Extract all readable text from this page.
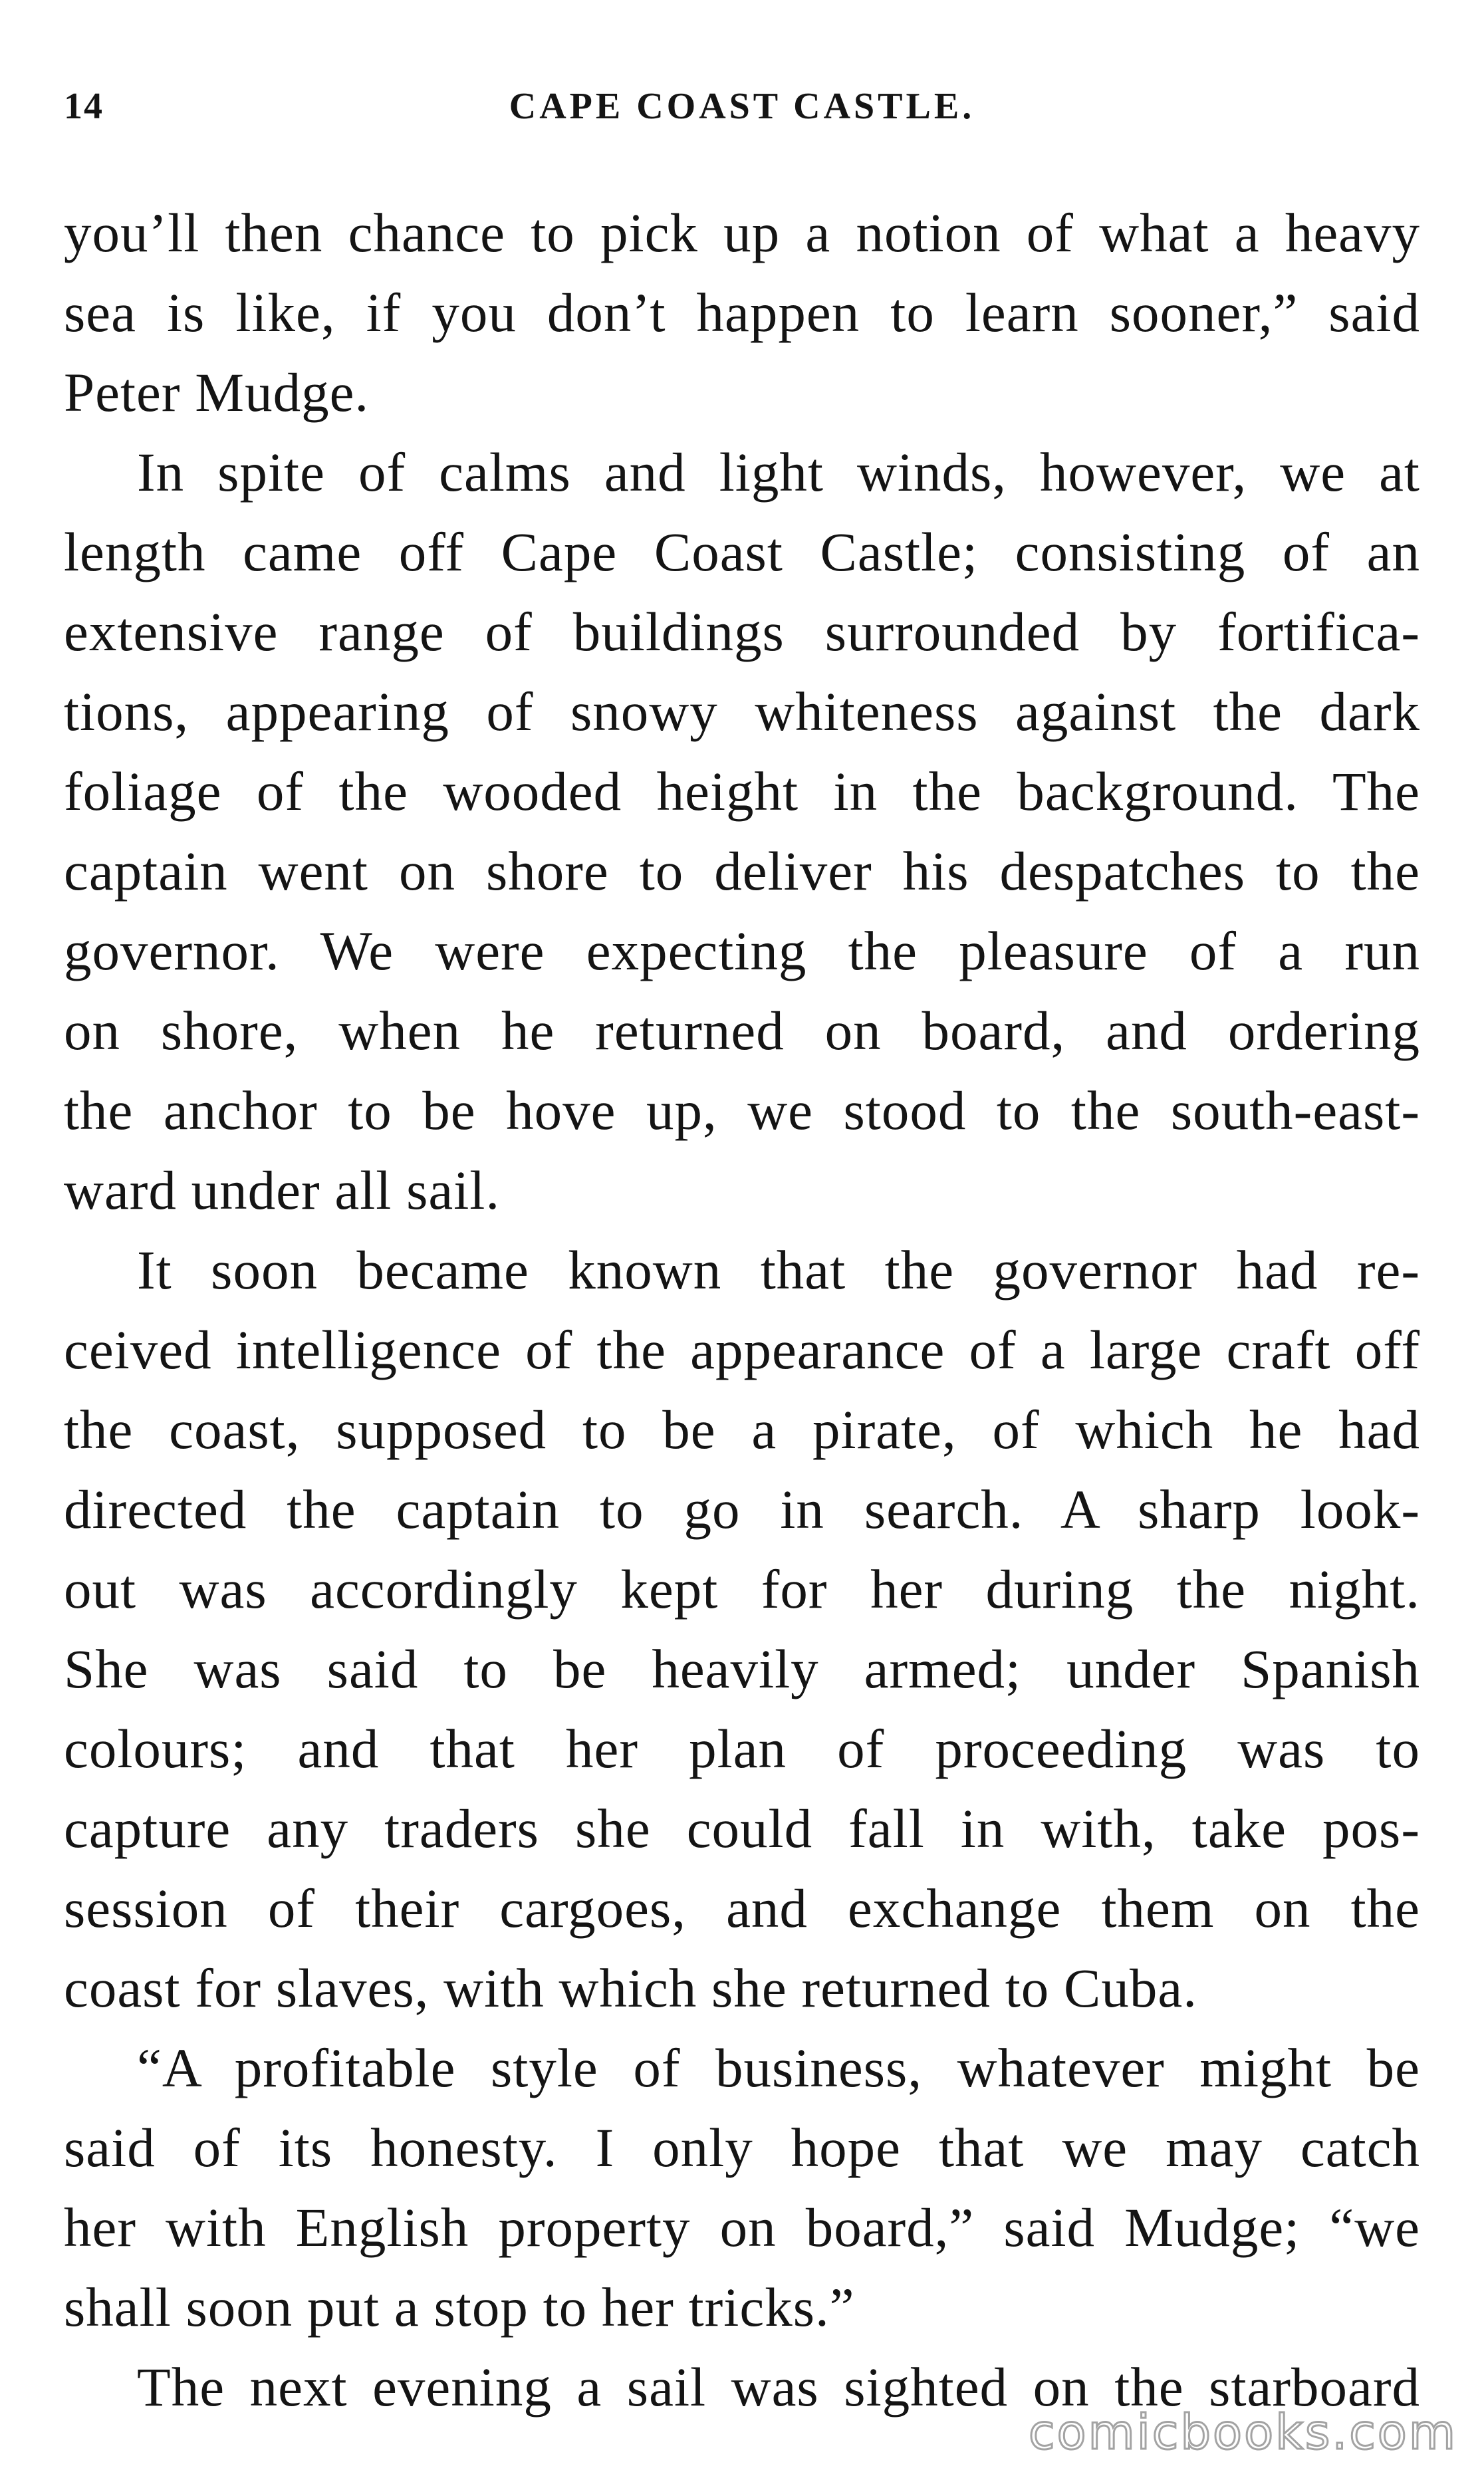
14	CAPE COAST CASTLE.
you’ll then chance to pick up a notion of what a heavy
sea is like, if you don’t happen to learn sooner,” said
Peter Mudge.
In spite of calms and light winds, however, we at
length came off Cape Coast Castle; consisting of an
extensive range of buildings surrounded by fortifica-
tions, appearing of snowy whiteness against the dark
foliage of the wooded height in the background. The
captain went on shore to deliver his despatches to the
governor. We were expecting the pleasure of a run
on shore, when he returned on board, and ordering
the anchor to be hove up, we stood to the south-east-
ward under all sail.
It soon became known that the governor had re-
ceived intelligence of the appearance of a large craft off
the coast, supposed to be a pirate, of which he had
directed the captain to go in search. A sharp look-
out was accordingly kept for her during the night.
She was said to be heavily armed; under Spanish
colours; and that her plan of proceeding was to
capture any traders she could fall in with, take pos-
session of their cargoes, and exchange them on the
coast for slaves, with which she returned to Cuba.
“A profitable style of business, whatever might be
said of its honesty. I only hope that we may catch
her with English property on board,” said Mudge; “we
shall soon put a stop to her tricks.”
The next evening a sail was sighted on the starboard
comicbooks.com
